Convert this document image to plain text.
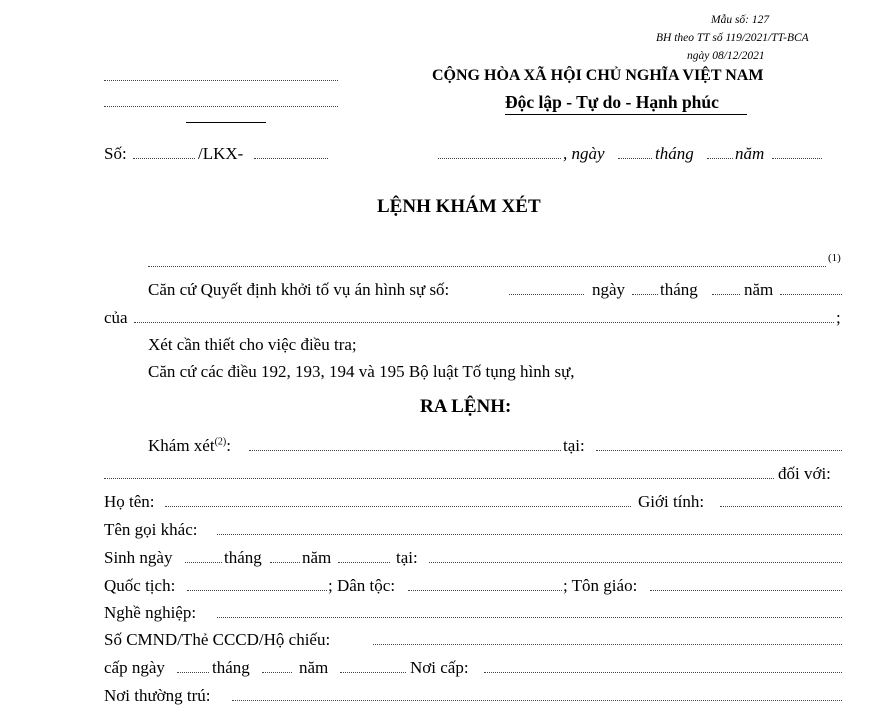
Mẫu số: 127
BH theo TT số 119/2021/TT-BCA
ngày 08/12/2021
CỘNG HÒA XÃ HỘI CHỦ NGHĨA VIỆT NAM
Độc lập - Tự do - Hạnh phúc
Số:	/LKX-	, ngày	tháng năm
LỆNH KHÁM XÉT
(1)
Căn cứ Quyết định khởi tố vụ án hình sự số:	ngày tháng	năm
của	;
Xét cần thiết cho việc điều tra;
Căn cứ các điều 192, 193, 194 và 195 Bộ luật Tố tụng hình sự,
RA LỆNH:
Khám xét$^{(2)}$:	tại:
đối với:
Họ tên:	Giới tính:
Tên gọi khác:
Sinh ngày	tháng năm	tại:
Quốc tịch:	; Dân tộc:	; Tôn giáo:
Nghề nghiệp:
Số CMND/Thẻ CCCD/Hộ chiếu:
cấp ngày	tháng	năm	Nơi cấp:
Nơi thường trú:
